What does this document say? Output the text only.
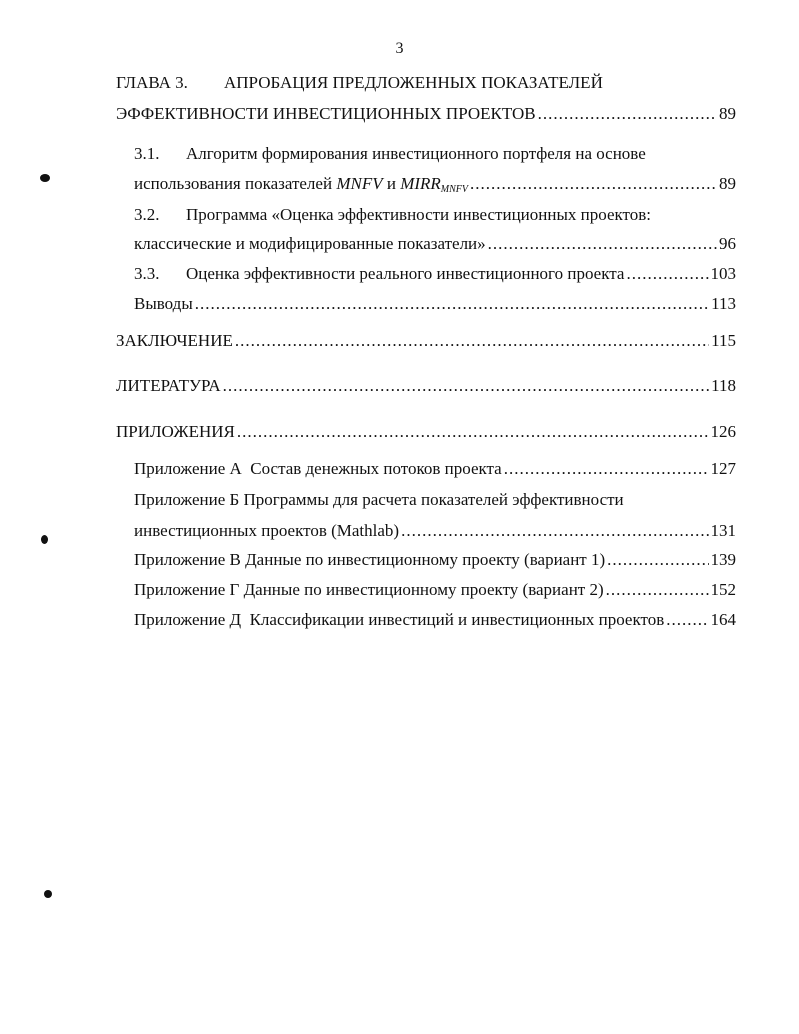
3
ГЛАВА 3. АПРОБАЦИЯ ПРЕДЛОЖЕННЫХ ПОКАЗАТЕЛЕЙ
ЭФФЕКТИВНОСТИ ИНВЕСТИЦИОННЫХ ПРОЕКТОВ .....	89
3.1. Алгоритм формирования инвестиционного портфеля на основе
использования показателей MNFV и $MIRR_{MNFV}$ .....	89
3.2. Программа «Оценка эффективности инвестиционных проектов:
классические и модифицированные показатели» .....	96
3.3. Оценка эффективности реального инвестиционного проекта .....	103
Выводы .....	113
ЗАКЛЮЧЕНИЕ .....	115
ЛИТЕРАТУРА .....	118
ПРИЛОЖЕНИЯ .....	126
Приложение А  Состав денежных потоков проекта .....	127
Приложение Б Программы для расчета показателей эффективности
инвестиционных проектов (Mathlab) .....	131
Приложение В Данные по инвестиционному проекту (вариант 1) .....	139
Приложение Г Данные по инвестиционному проекту (вариант 2) .....	152
Приложение Д  Классификации инвестиций и инвестиционных проектов .....	164
